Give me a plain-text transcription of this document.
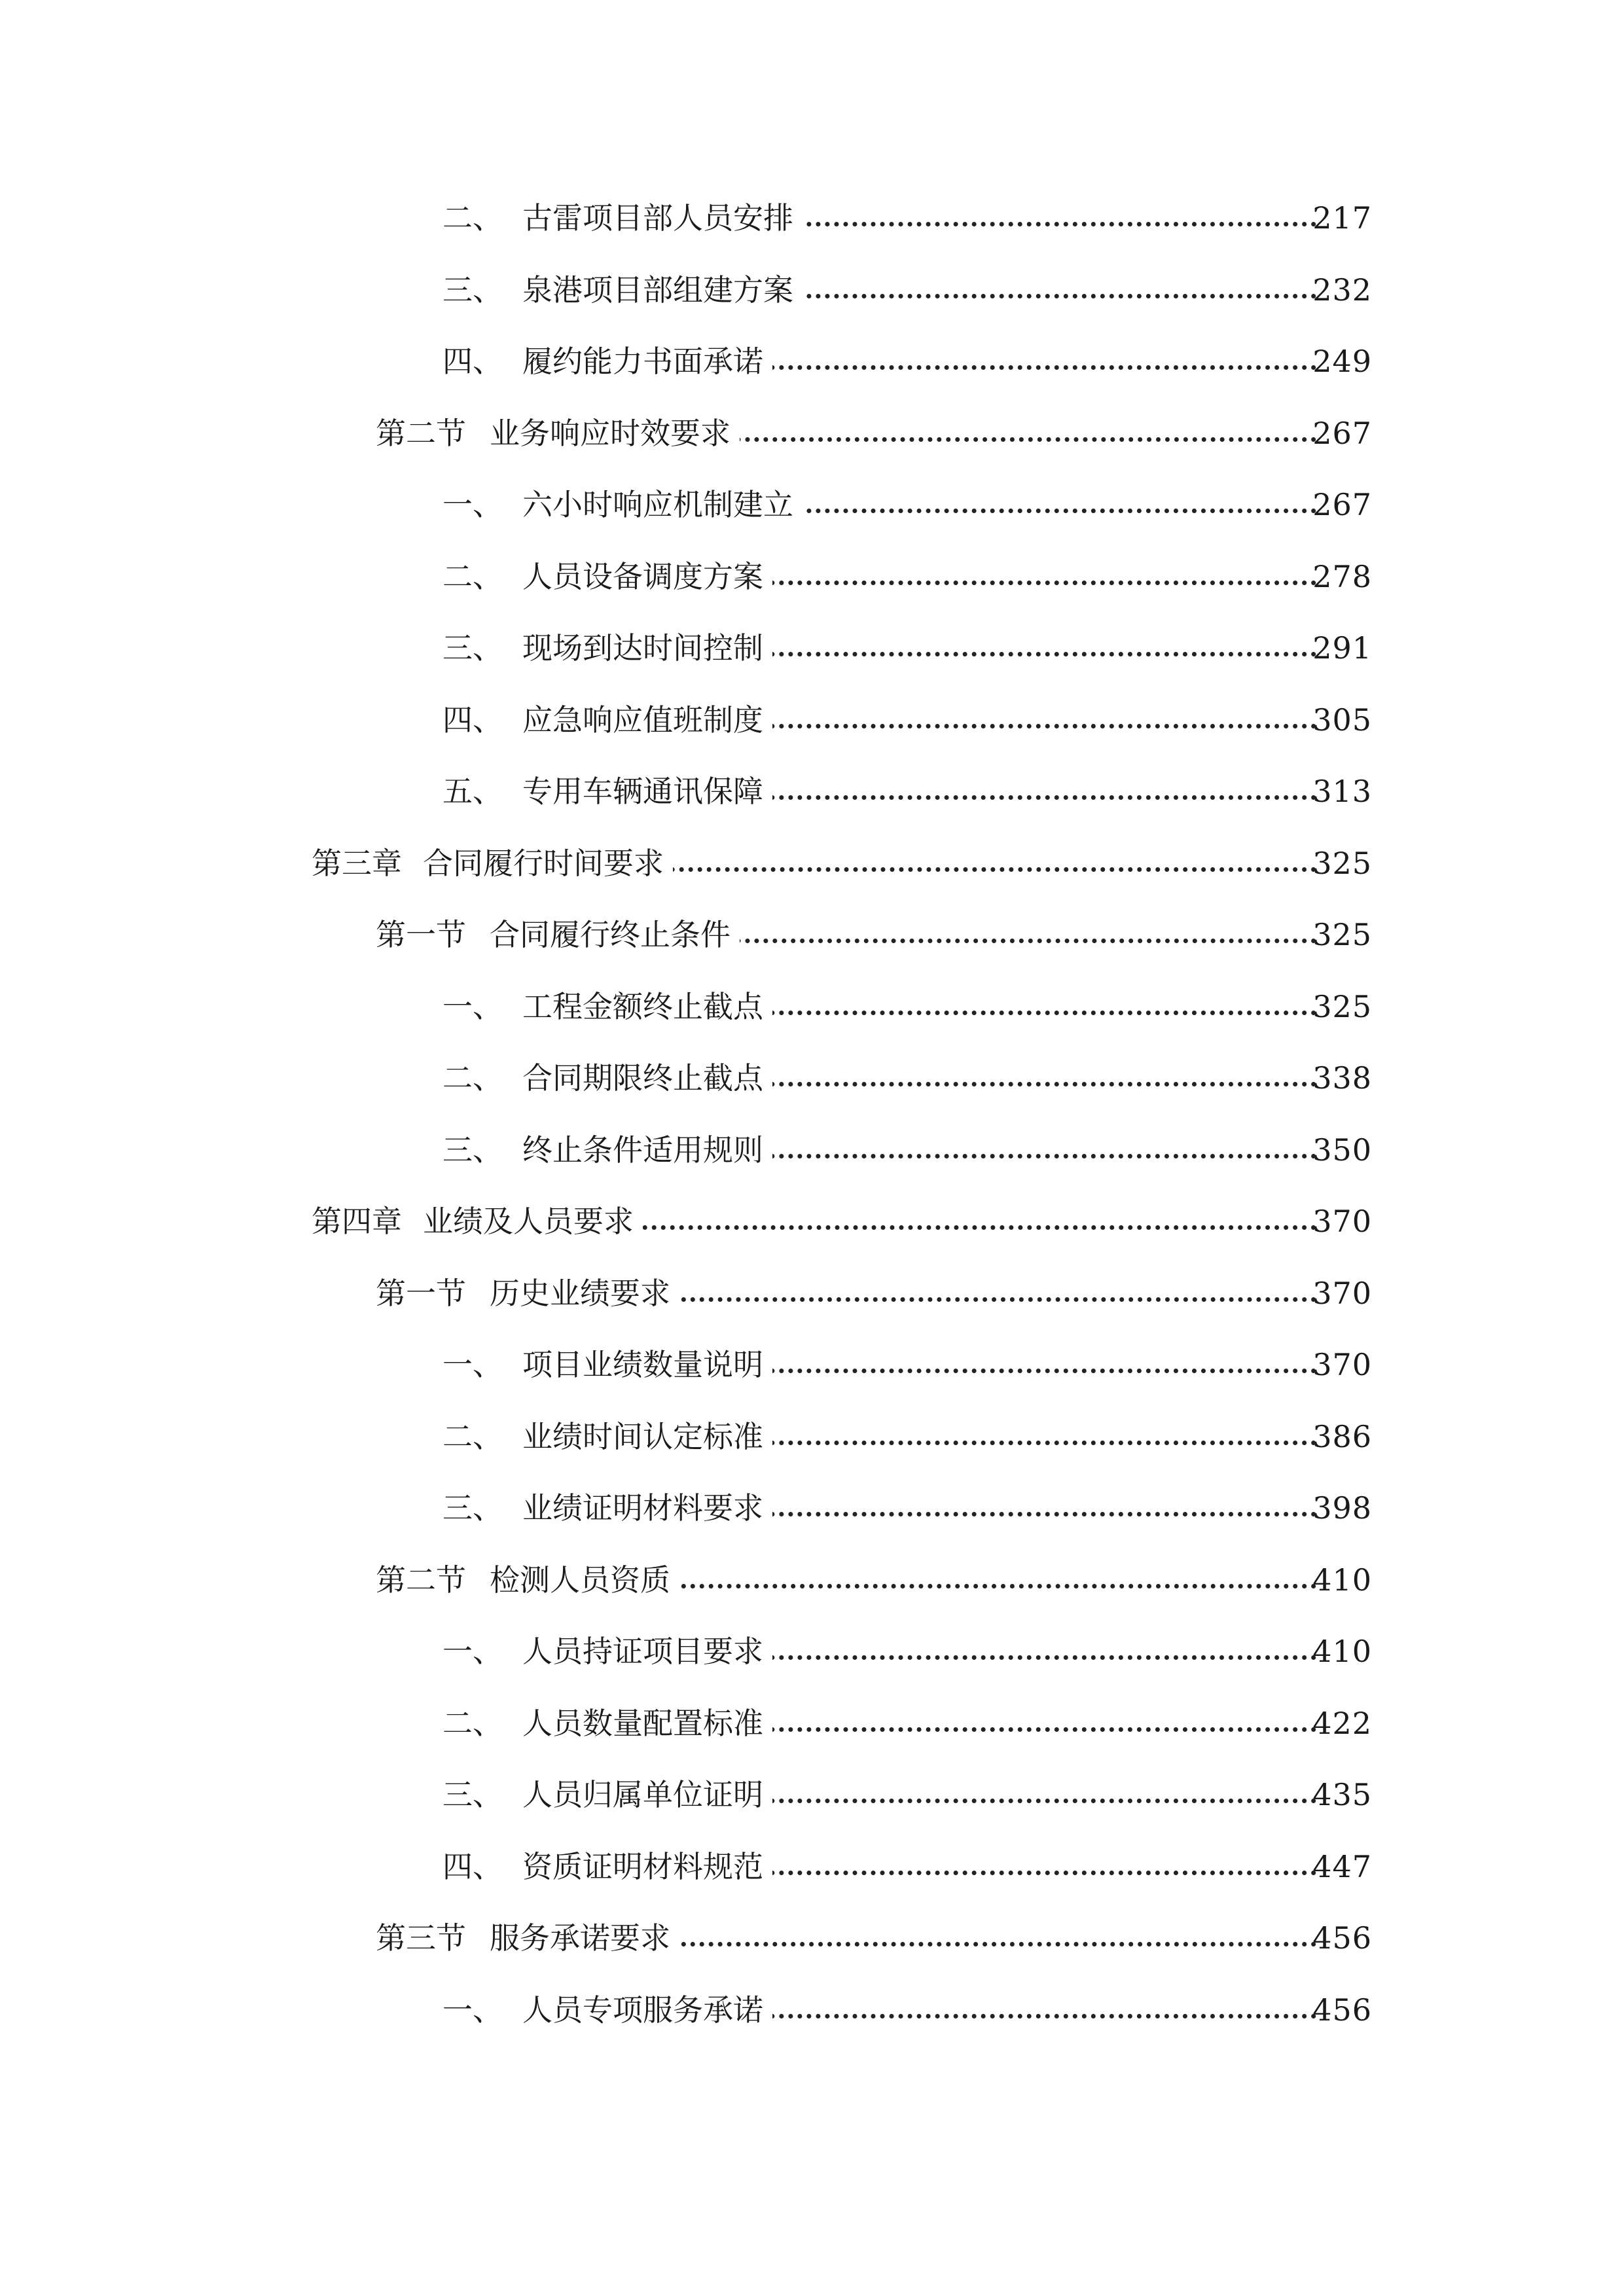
二、 古雷项目部人员安排	217
三、 泉港项目部组建方案	232
四、 履约能力书面承诺	249
第二节 业务响应时效要求	267
一、 六小时响应机制建立	267
二、 人员设备调度方案	278
三、 现场到达时间控制	291
四、 应急响应值班制度	305
五、 专用车辆通讯保障	313
第三章 合同履行时间要求	325
第一节 合同履行终止条件	325
一、 工程金额终止截点	325
二、 合同期限终止截点	338
三、 终止条件适用规则	350
第四章 业绩及人员要求	370
第一节 历史业绩要求	370
一、 项目业绩数量说明	370
二、 业绩时间认定标准	386
三、 业绩证明材料要求	398
第二节 检测人员资质	410
一、 人员持证项目要求	410
二、 人员数量配置标准	422
三、 人员归属单位证明	435
四、 资质证明材料规范	447
第三节 服务承诺要求	456
一、 人员专项服务承诺	456
